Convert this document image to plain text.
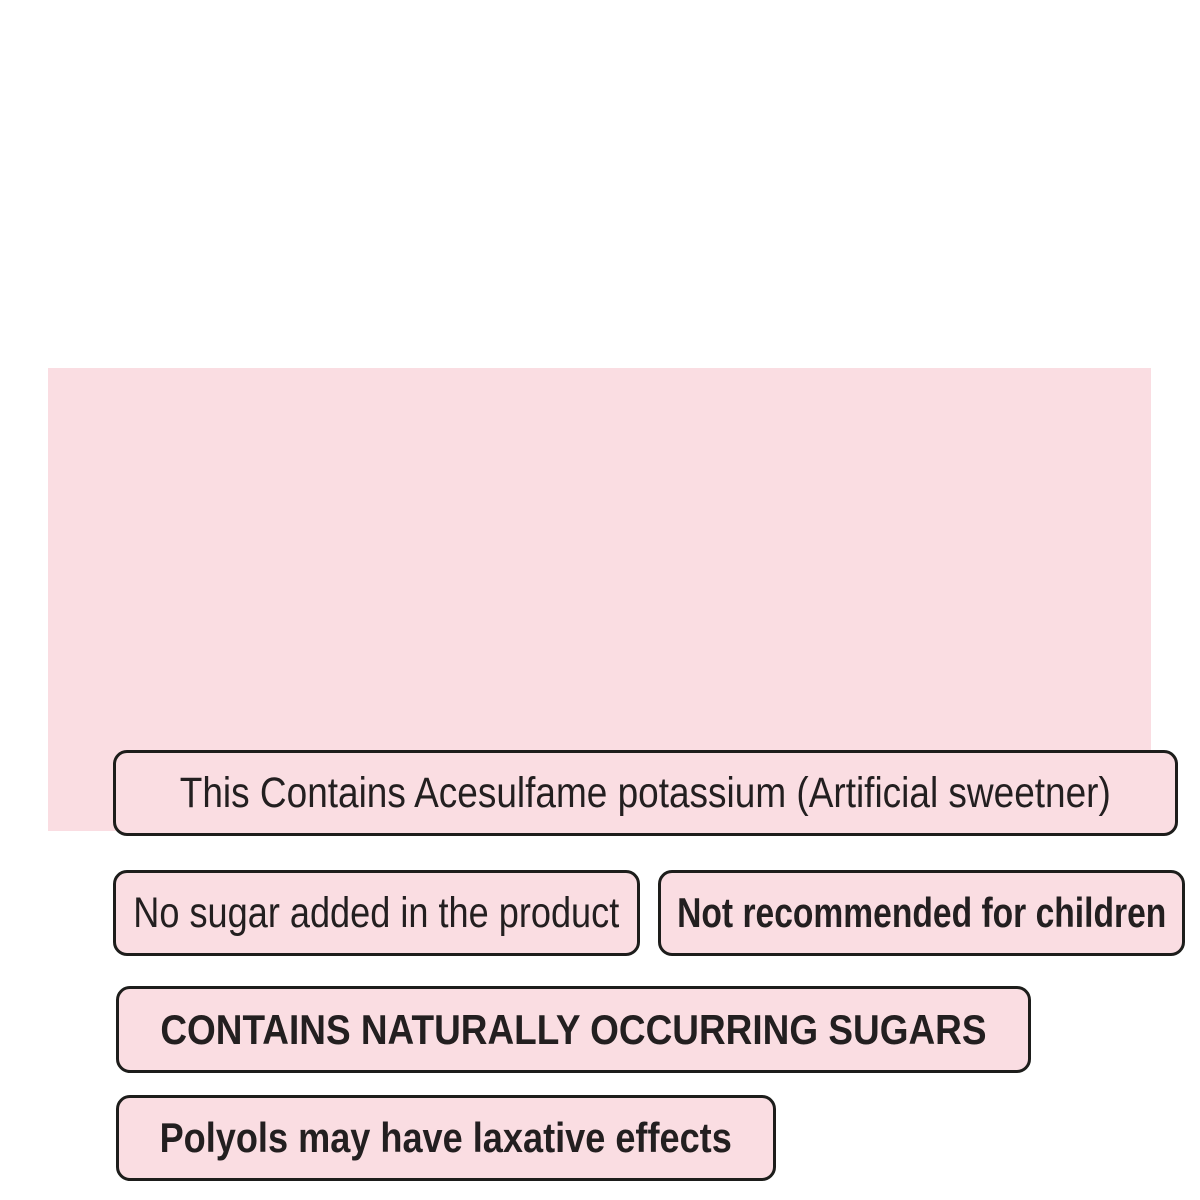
This Contains Acesulfame potassium (Artificial sweetner)
No sugar added in the product Not recommended for children
CONTAINS NATURALLY OCCURRING SUGARS
Polyols may have laxative effects
